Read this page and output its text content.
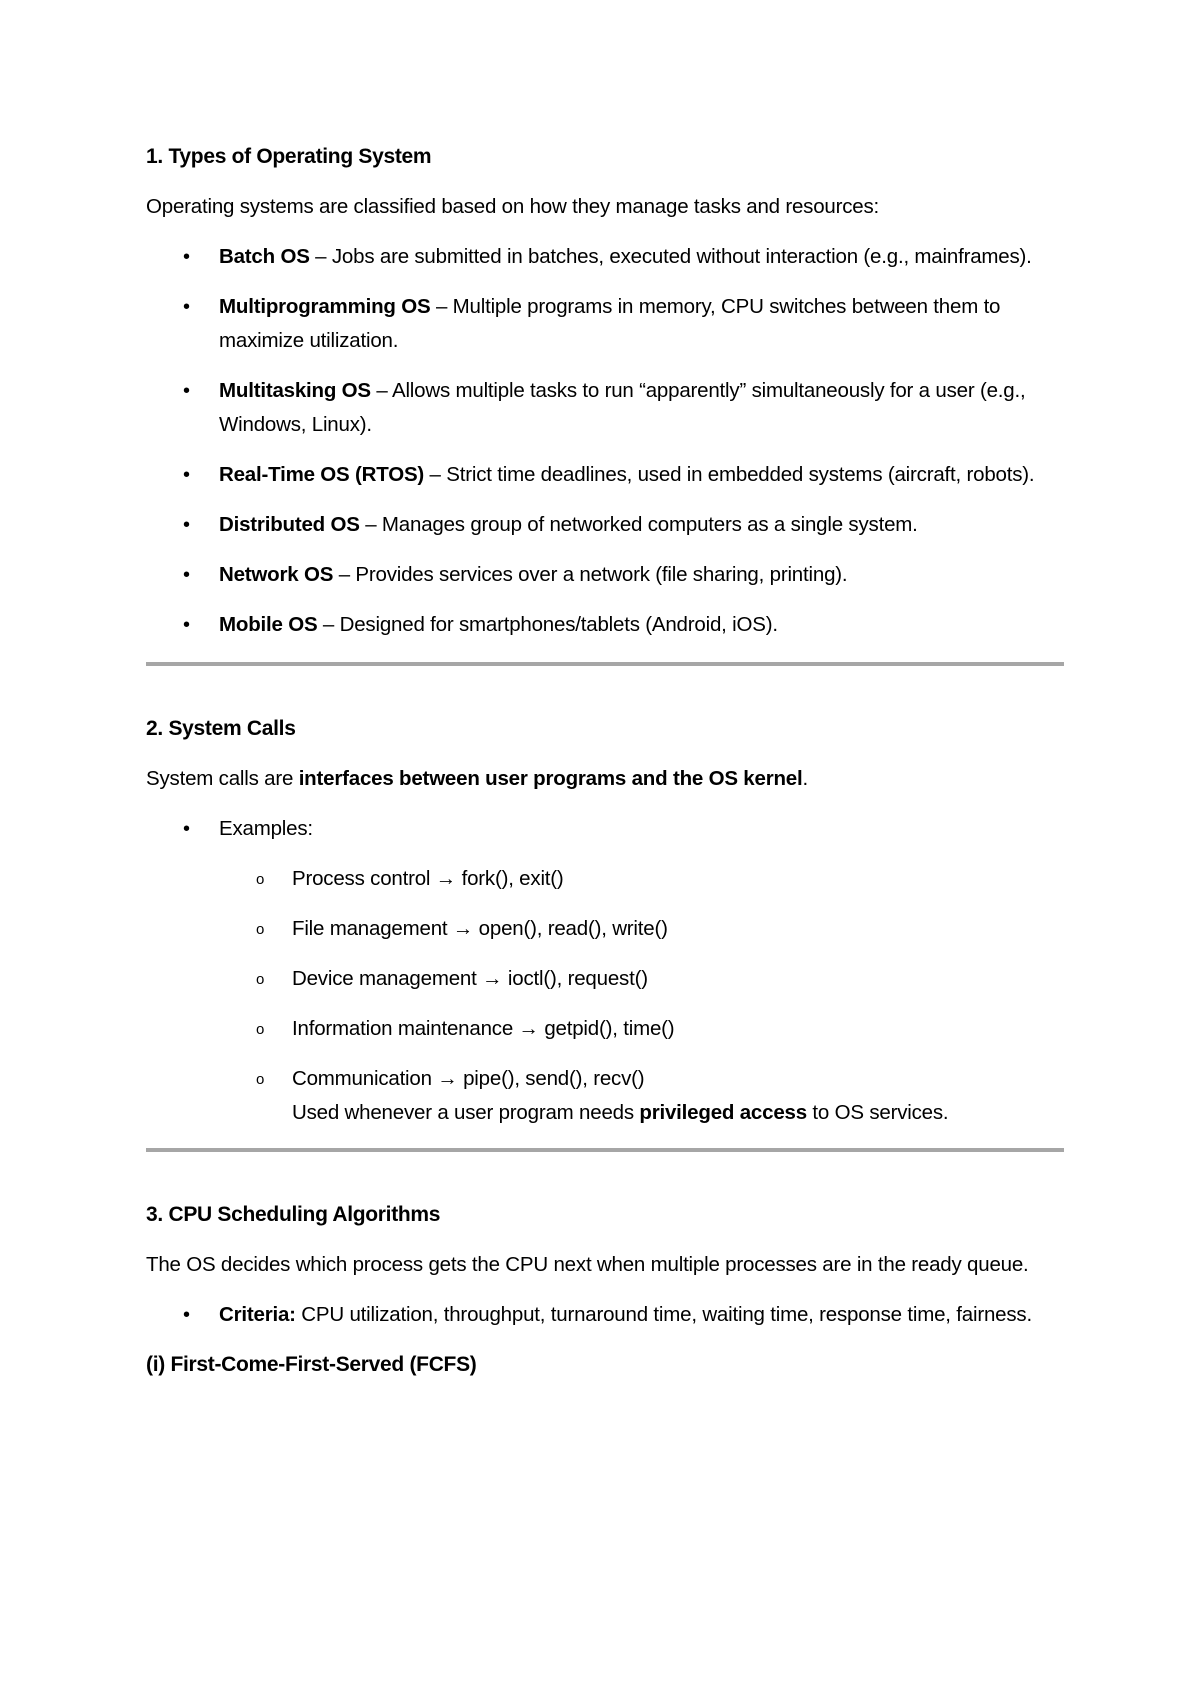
1. Types of Operating System

Operating systems are classified based on how they manage tasks and resources:

• Batch OS – Jobs are submitted in batches, executed without interaction (e.g., mainframes).
• Multiprogramming OS – Multiple programs in memory, CPU switches between them to maximize utilization.
• Multitasking OS – Allows multiple tasks to run “apparently” simultaneously for a user (e.g., Windows, Linux).
• Real-Time OS (RTOS) – Strict time deadlines, used in embedded systems (aircraft, robots).
• Distributed OS – Manages group of networked computers as a single system.
• Network OS – Provides services over a network (file sharing, printing).
• Mobile OS – Designed for smartphones/tablets (Android, iOS).
2. System Calls

System calls are interfaces between user programs and the OS kernel.

• Examples:
o Process control → fork(), exit()
o File management → open(), read(), write()
o Device management → ioctl(), request()
o Information maintenance → getpid(), time()
o Communication → pipe(), send(), recv()
Used whenever a user program needs privileged access to OS services.
3. CPU Scheduling Algorithms

The OS decides which process gets the CPU next when multiple processes are in the ready queue.

• Criteria: CPU utilization, throughput, turnaround time, waiting time, response time, fairness.
(i) First-Come-First-Served (FCFS)
